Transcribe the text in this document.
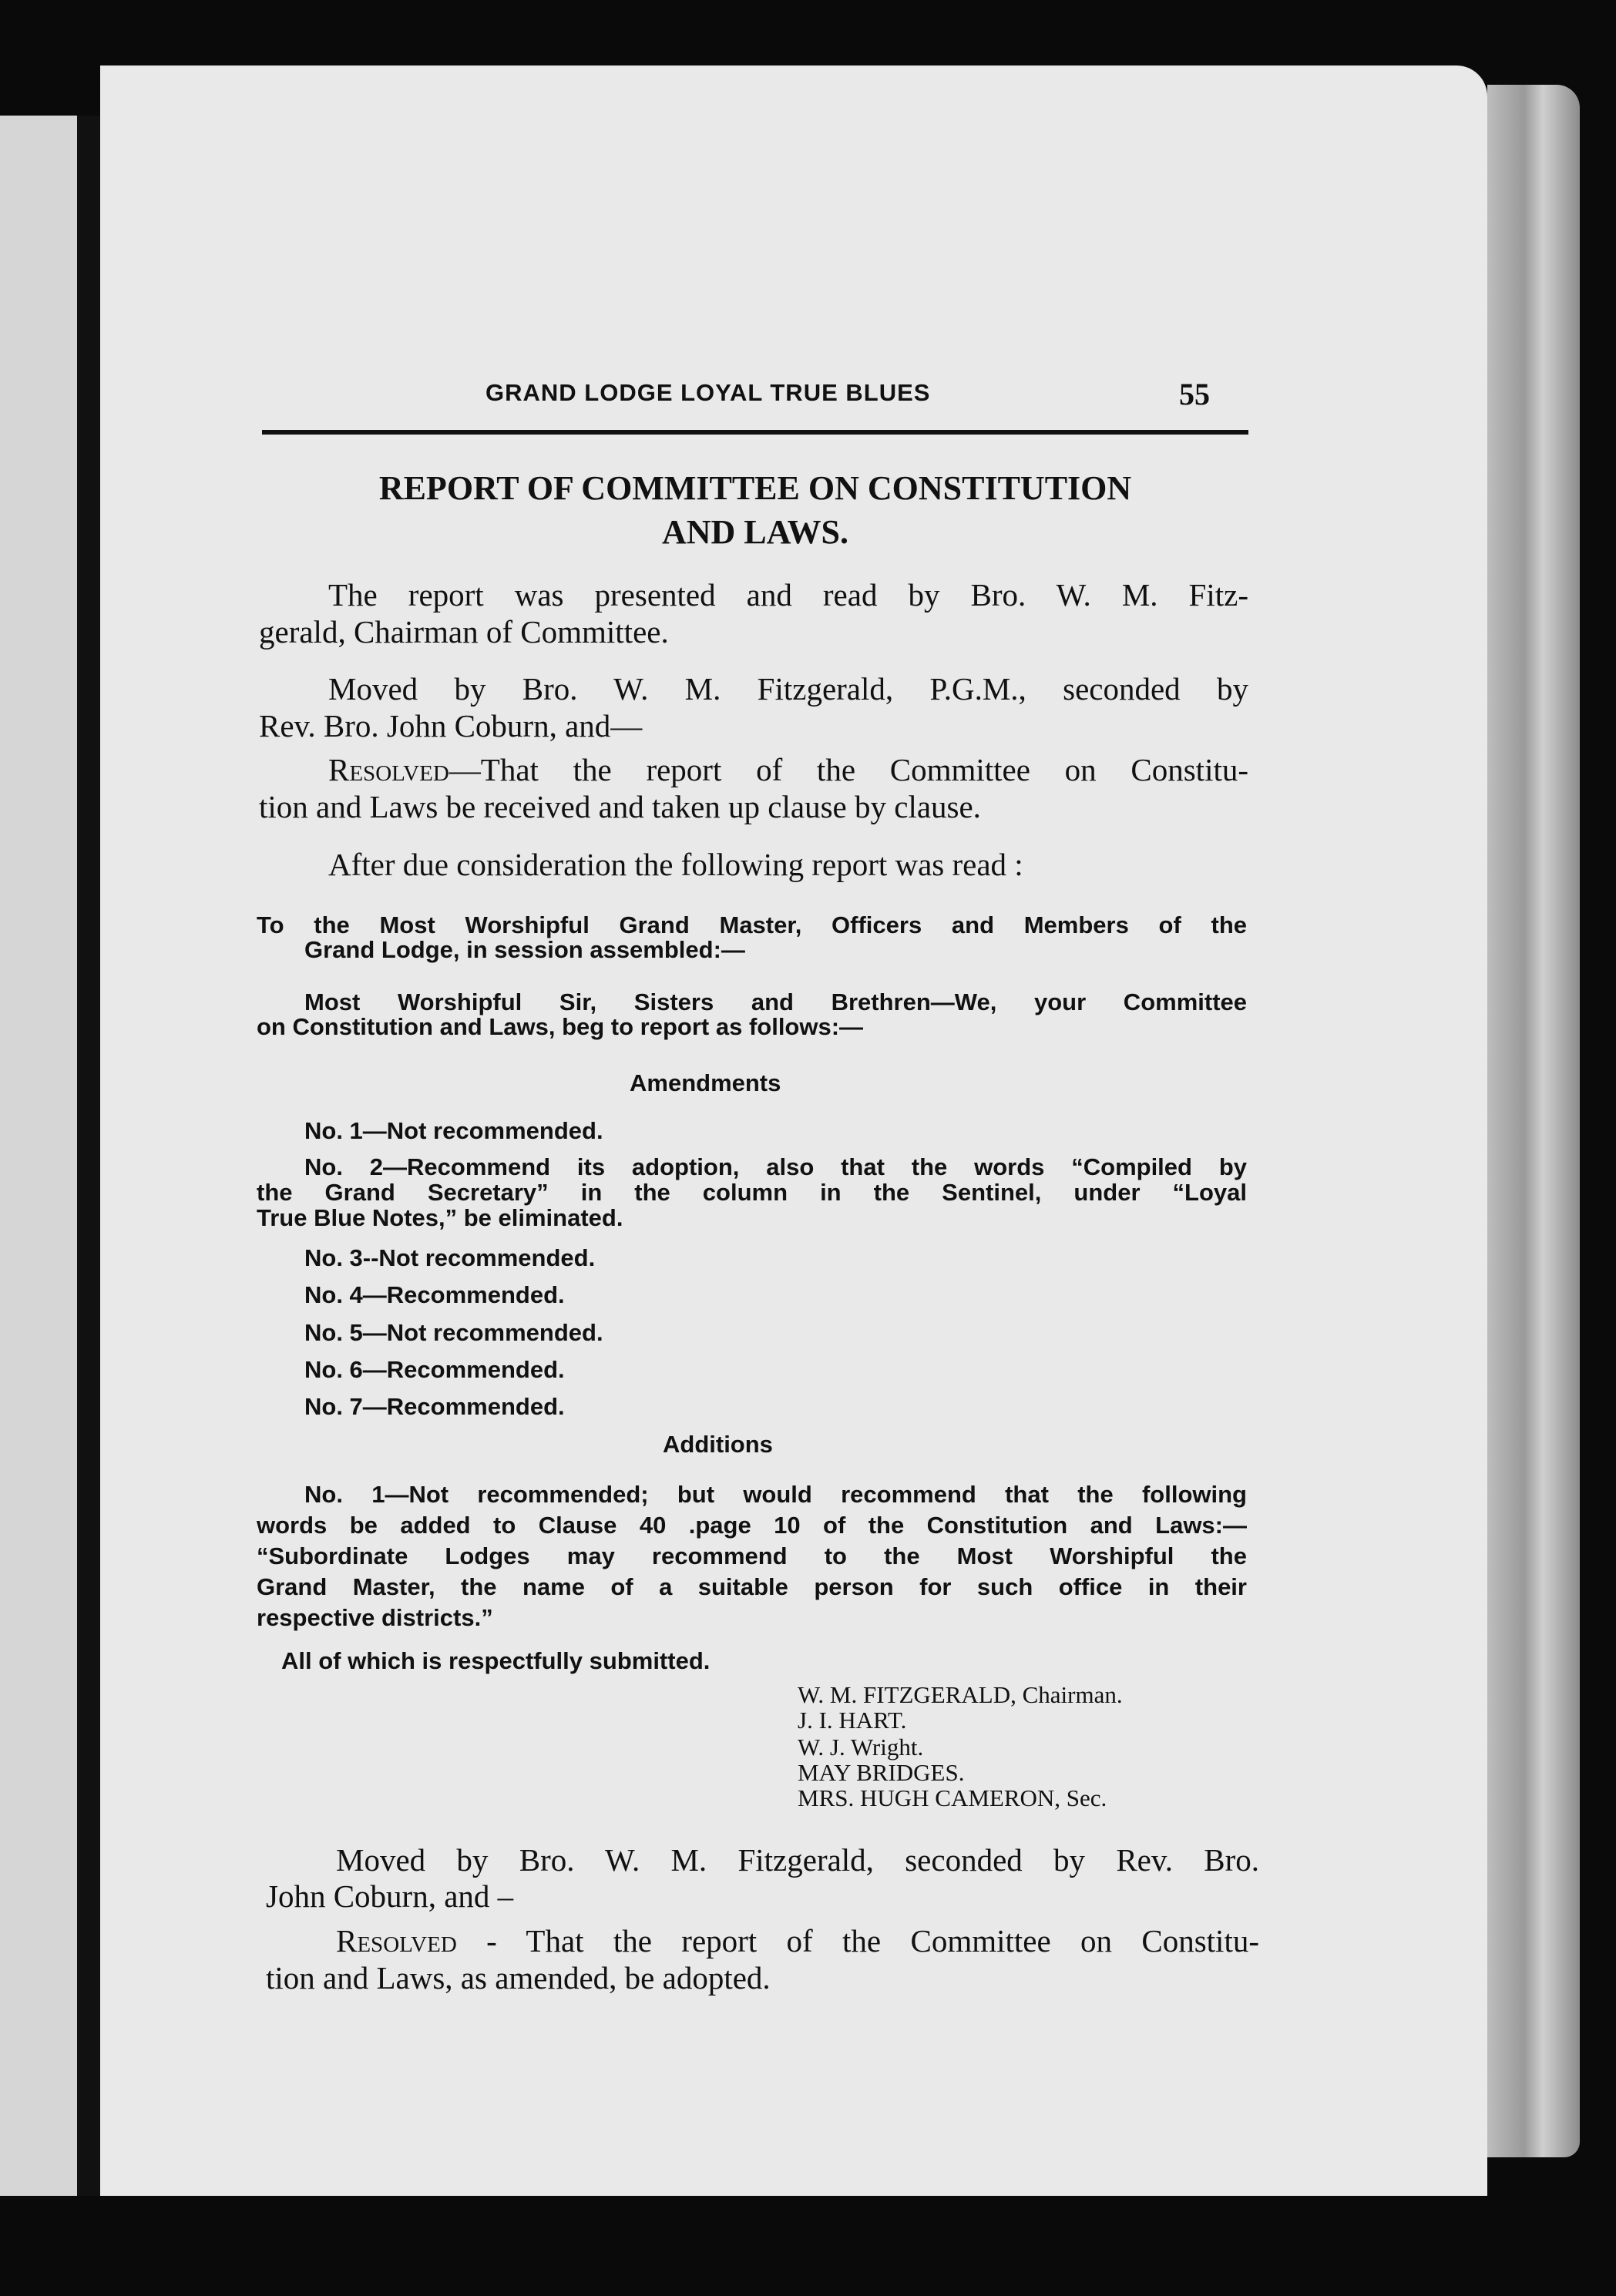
GRAND LODGE LOYAL TRUE BLUES	55
REPORT OF COMMITTEE ON CONSTITUTION
AND LAWS.
The report was presented and read by Bro. W. M. Fitz-
gerald, Chairman of Committee.
Moved by Bro. W. M. Fitzgerald, P.G.M., seconded by
Rev. Bro. John Coburn, and—
Resolved —That the report of the Committee on Constitu-
tion and Laws be received and taken up clause by clause.
After due consideration the following report was read :
To the Most Worshipful Grand Master, Officers and Members of the
Grand Lodge, in session assembled:—
Most Worshipful Sir, Sisters and Brethren—We, your Committee
on Constitution and Laws, beg to report as follows:—
Amendments
No. 1—Not recommended.
No. 2—Recommend its adoption, also that the words “Compiled by
the Grand Secretary” in the column in the Sentinel, under “Loyal
True Blue Notes,” be eliminated.
No. 3--Not recommended.
No. 4—Recommended.
No. 5—Not recommended.
No. 6—Recommended.
No. 7—Recommended.
Additions
No. 1—Not recommended; but would recommend that the following
words be added to Clause 40 .page 10 of the Constitution and Laws:—
“Subordinate Lodges may recommend to the Most Worshipful the
Grand Master, the name of a suitable person for such office in their
respective districts.”
All of which is respectfully submitted.
W. M. FITZGERALD, Chairman.
J. I. HART.
W. J. Wright.
MAY BRIDGES.
MRS. HUGH CAMERON, Sec.
Moved by Bro. W. M. Fitzgerald, seconded by Rev. Bro.
John Coburn, and –
Resolved - That the report of the Committee on Constitu-
tion and Laws, as amended, be adopted.
